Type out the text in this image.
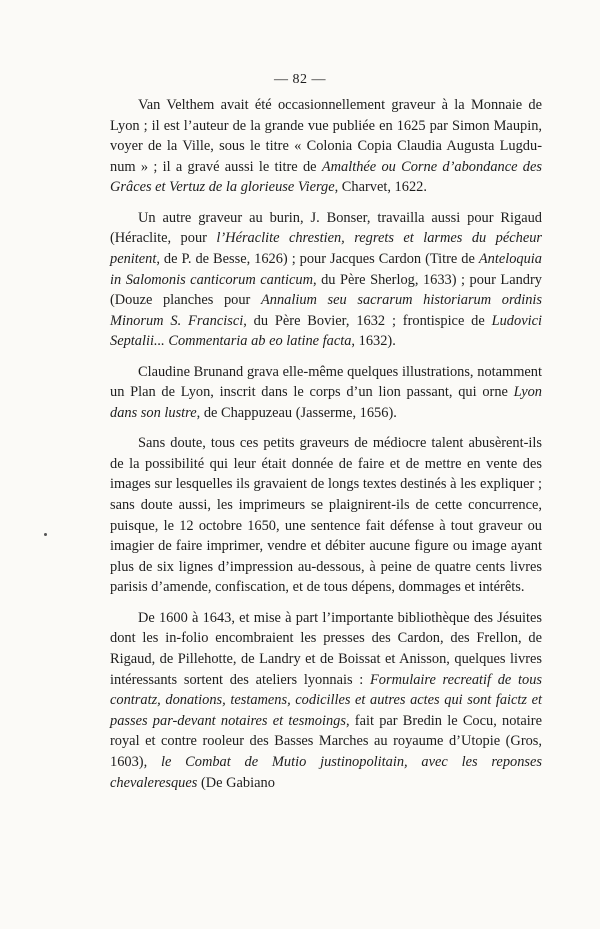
— 82 —

Van Velthem avait été occasionnellement graveur à la Monnaie de Lyon ; il est l’auteur de la grande vue publiée en 1625 par Simon Maupin, voyer de la Ville, sous le titre « Colonia Copia Claudia Augusta Lugdunum » ; il a gravé aussi le titre de Amalthée ou Corne d’abondance des Grâces et Vertuz de la glorieuse Vierge, Charvet, 1622.

Un autre graveur au burin, J. Bonser, travailla aussi pour Rigaud (Héraclite, pour l’Héraclite chrestien, regrets et larmes du pécheur penitent, de P. de Besse, 1626) ; pour Jacques Cardon (Titre de Anteloquia in Salomonis canticorum canticum, du Père Sherlog, 1633) ; pour Landry (Douze planches pour Annalium seu sacrarum historiarum ordinis Minorum S. Francisci, du Père Bovier, 1632 ; frontispice de Ludovici Septalii... Commentaria ab eo latine facta, 1632).

Claudine Brunand grava elle-même quelques illustrations, notamment un Plan de Lyon, inscrit dans le corps d’un lion passant, qui orne Lyon dans son lustre, de Chappuzeau (Jasserme, 1656).

Sans doute, tous ces petits graveurs de médiocre talent abusèrent-ils de la possibilité qui leur était donnée de faire et de mettre en vente des images sur lesquelles ils gravaient de longs textes destinés à les expliquer ; sans doute aussi, les imprimeurs se plaignirent-ils de cette concurrence, puisque, le 12 octobre 1650, une sentence fait défense à tout graveur ou imagier de faire imprimer, vendre et débiter aucune figure ou image ayant plus de six lignes d’impression au-dessous, à peine de quatre cents livres parisis d’amende, confiscation, et de tous dépens, dommages et intérêts.

De 1600 à 1643, et mise à part l’importante bibliothèque des Jésuites dont les in-folio encombraient les presses des Cardon, des Frellon, de Rigaud, de Pillehotte, de Landry et de Boissat et Anisson, quelques livres intéressants sortent des ateliers lyonnais : Formulaire recreatif de tous contratz, donations, testamens, codicilles et autres actes qui sont faictz et passes par-devant notaires et tesmoings, fait par Bredin le Cocu, notaire royal et contre rooleur des Basses Marches au royaume d’Utopie (Gros, 1603), le Combat de Mutio justinopolitain, avec les reponses chevaleresques (De Gabiano
